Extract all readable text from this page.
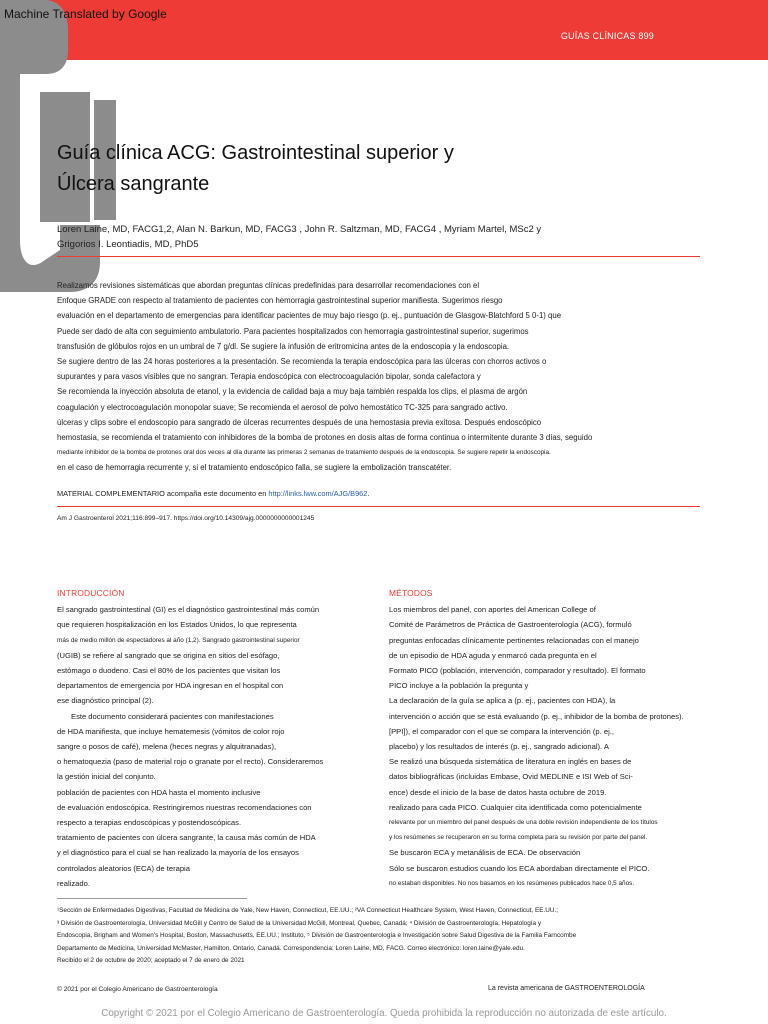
GUÍAS CLÍNICAS 899
Machine Translated by Google
Guía clínica ACG: Gastrointestinal superior y
Úlcera sangrante
Loren Laine, MD, FACG1,2, Alan N. Barkun, MD, FACG3 , John R. Saltzman, MD, FACG4 , Myriam Martel, MSc2 y
Grigorios I. Leontiadis, MD, PhD5
Realizamos revisiones sistemáticas que abordan preguntas clínicas predefinidas para desarrollar recomendaciones con el
Enfoque GRADE con respecto al tratamiento de pacientes con hemorragia gastrointestinal superior manifiesta. Sugerimos riesgo
evaluación en el departamento de emergencias para identificar pacientes de muy bajo riesgo (p. ej., puntuación de Glasgow-Blatchford 5 0-1) que
Puede ser dado de alta con seguimiento ambulatorio. Para pacientes hospitalizados con hemorragia gastrointestinal superior, sugerimos
transfusión de glóbulos rojos en un umbral de 7 g/dl. Se sugiere la infusión de eritromicina antes de la endoscopia y la endoscopia.
Se sugiere dentro de las 24 horas posteriores a la presentación. Se recomienda la terapia endoscópica para las úlceras con chorros activos o
supurantes y para vasos visibles que no sangran. Terapia endoscópica con electrocoagulación bipolar, sonda calefactora y
Se recomienda la inyección absoluta de etanol, y la evidencia de calidad baja a muy baja también respalda los clips, el plasma de argón
coagulación y electrocoagulación monopolar suave; Se recomienda el aerosol de polvo hemostático TC-325 para sangrado activo.
úlceras y clips sobre el endoscopio para sangrado de úlceras recurrentes después de una hemostasia previa exitosa. Después endoscópico
hemostasia, se recomienda el tratamiento con inhibidores de la bomba de protones en dosis altas de forma continua o intermitente durante 3 días, seguido
mediante inhibidor de la bomba de protones oral dos veces al día durante las primeras 2 semanas de tratamiento después de la endoscopia. Se sugiere repetir la endoscopia.
en el caso de hemorragia recurrente y, si el tratamiento endoscópico falla, se sugiere la embolización transcatéter.
MATERIAL COMPLEMENTARIO acompaña este documento en http://links.lww.com/AJG/B962.
Am J Gastroenterol 2021;116:899–917. https://doi.org/10.14309/ajg.0000000000001245
INTRODUCCIÓN
El sangrado gastrointestinal (GI) es el diagnóstico gastrointestinal más común
que requieren hospitalización en los Estados Unidos, lo que representa
más de medio millón de espectadores al año (1,2). Sangrado gastrointestinal superior
(UGIB) se refiere al sangrado que se origina en sitios del esófago,
estómago o duodeno. Casi el 80% de los pacientes que visitan los
departamentos de emergencia por HDA ingresan en el hospital con
ese diagnóstico principal (2).
Este documento considerará pacientes con manifestaciones
de HDA manifiesta, que incluye hematemesis (vómitos de color rojo
sangre o posos de café), melena (heces negras y alquitranadas),
o hematoquezia (paso de material rojo o granate por el recto). Consideraremos
la gestión inicial del conjunto.
población de pacientes con HDA hasta el momento inclusive
de evaluación endoscópica. Restringiremos nuestras recomendaciones con
respecto a terapias endoscópicas y postendoscópicas.
tratamiento de pacientes con úlcera sangrante, la causa más común de HDA
y el diagnóstico para el cual se han realizado la mayoría de los ensayos
controlados aleatorios (ECA) de terapia
realizado.
MÉTODOS
Los miembros del panel, con aportes del American College of
Comité de Parámetros de Práctica de Gastroenterología (ACG), formuló
preguntas enfocadas clínicamente pertinentes relacionadas con el manejo
de un episodio de HDA aguda y enmarcó cada pregunta en el
Formato PICO (población, intervención, comparador y resultado). El formato
PICO incluye a la población la pregunta y
La declaración de la guía se aplica a (p. ej., pacientes con HDA), la
intervención o acción que se está evaluando (p. ej., inhibidor de la bomba de protones).
[PPI]), el comparador con el que se compara la intervención (p. ej.,
placebo) y los resultados de interés (p. ej., sangrado adicional). A
Se realizó una búsqueda sistemática de literatura en inglés en bases de
datos bibliográficas (incluidas Embase, Ovid MEDLINE e ISI Web of Sci-
ence) desde el inicio de la base de datos hasta octubre de 2019.
realizado para cada PICO. Cualquier cita identificada como potencialmente
relevante por un miembro del panel después de una doble revisión independiente de los títulos
y los resúmenes se recuperaron en su forma completa para su revisión por parte del panel.
Se buscaron ECA y metanálisis de ECA. De observación
Sólo se buscaron estudios cuando los ECA abordaban directamente el PICO.
no estaban disponibles. No nos basamos en los resúmenes publicados hace 0,5 años.
¹Sección de Enfermedades Digestivas, Facultad de Medicina de Yale, New Haven, Connecticut, EE.UU.; ²VA Connecticut Healthcare System, West Haven, Connecticut, EE.UU.;
³ División de Gastroenterología, Universidad McGill y Centro de Salud de la Universidad McGill, Montreal, Quebec, Canadá; ⁴ División de Gastroenterología, Hepatología y
Endoscopia, Brigham and Women's Hospital, Boston, Massachusetts, EE.UU.; Instituto, ⁵ División de Gastroenterología e Investigación sobre Salud Digestiva de la Familia Farncombe
Departamento de Medicina, Universidad McMaster, Hamilton, Ontario, Canadá. Correspondencia: Loren Laine, MD, FACG. Correo electrónico: loren.laine@yale.edu.
Recibido el 2 de octubre de 2020; aceptado el 7 de enero de 2021
© 2021 por el Colegio Americano de Gastroenterología	La revista americana de GASTROENTEROLOGÍA
Copyright © 2021 por el Colegio Americano de Gastroenterología. Queda prohibida la reproducción no autorizada de este artículo.
